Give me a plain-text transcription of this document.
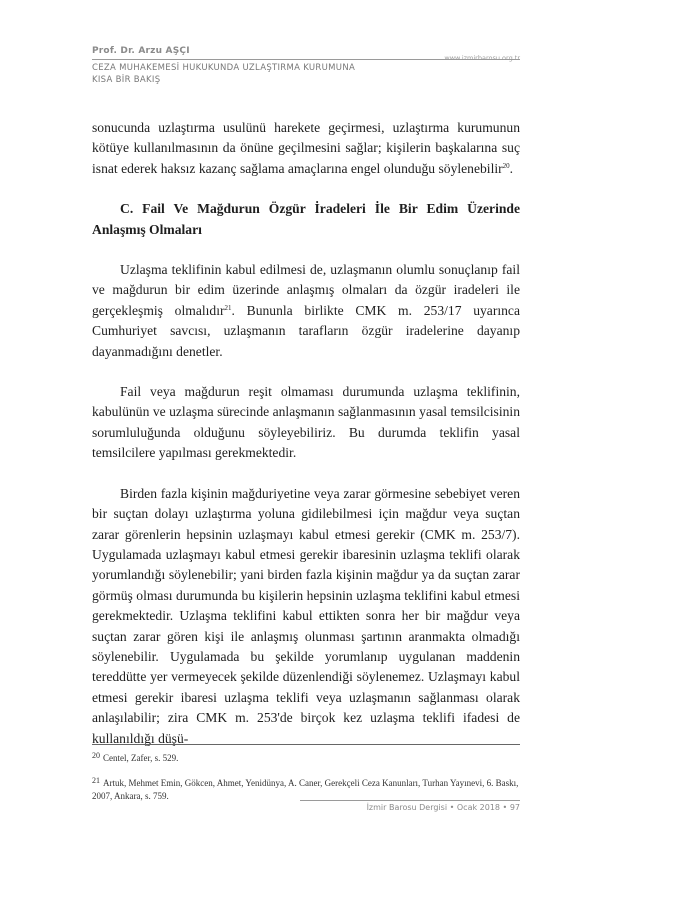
Prof. Dr. Arzu AŞÇI
www.izmirbarosu.org.tr
CEZA MUHAKEMESİ HUKUKUNDA UZLAŞTIRMA KURUMUNA
KISA BİR BAKIŞ

sonucunda uzlaştırma usulünü harekete geçirmesi, uzlaştırma kurumunun kötüye kullanılmasının da önüne geçilmesini sağlar; kişilerin başkalarına suç isnat ederek haksız kazanç sağlama amaçlarına engel olunduğu söylenebilir$^{20}$.

C. Fail Ve Mağdurun Özgür İradeleri İle Bir Edim Üzerinde Anlaşmış Olmaları

Uzlaşma teklifinin kabul edilmesi de, uzlaşmanın olumlu sonuçlanıp fail ve mağdurun bir edim üzerinde anlaşmış olmaları da özgür iradeleri ile gerçekleşmiş olmalıdır$^{21}$. Bununla birlikte CMK m. 253/17 uyarınca Cumhuriyet savcısı, uzlaşmanın tarafların özgür iradelerine dayanıp dayanmadığını denetler.

Fail veya mağdurun reşit olmaması durumunda uzlaşma teklifinin, kabulünün ve uzlaşma sürecinde anlaşmanın sağlanmasının yasal temsilcisinin sorumluluğunda olduğunu söyleyebiliriz. Bu durumda teklifin yasal temsilcilere yapılması gerekmektedir.

Birden fazla kişinin mağduriyetine veya zarar görmesine sebebiyet veren bir suçtan dolayı uzlaştırma yoluna gidilebilmesi için mağdur veya suçtan zarar görenlerin hepsinin uzlaşmayı kabul etmesi gerekir (CMK m. 253/7). Uygulamada uzlaşmayı kabul etmesi gerekir ibaresinin uzlaşma teklifi olarak yorumlandığı söylenebilir; yani birden fazla kişinin mağdur ya da suçtan zarar görmüş olması durumunda bu kişilerin hepsinin uzlaşma teklifini kabul etmesi gerekmektedir. Uzlaşma teklifini kabul ettikten sonra her bir mağdur veya suçtan zarar gören kişi ile anlaşmış olunması şartının aranmakta olmadığı söylenebilir. Uygulamada bu şekilde yorumlanıp uygulanan maddenin tereddütte yer vermeyecek şekilde düzenlendiği söylenemez. Uzlaşmayı kabul etmesi gerekir ibaresi uzlaşma teklifi veya uzlaşmanın sağlanması olarak anlaşılabilir; zira CMK m. 253'de birçok kez uzlaşma teklifi ifadesi de kullanıldığı düşü-

20 Centel, Zafer, s. 529.
21 Artuk, Mehmet Emin, Gökcen, Ahmet, Yenidünya, A. Caner, Gerekçeli Ceza Kanunları, Turhan Yayınevi, 6. Baskı, 2007, Ankara, s. 759.
İzmir Barosu Dergisi • Ocak 2018 • 97
